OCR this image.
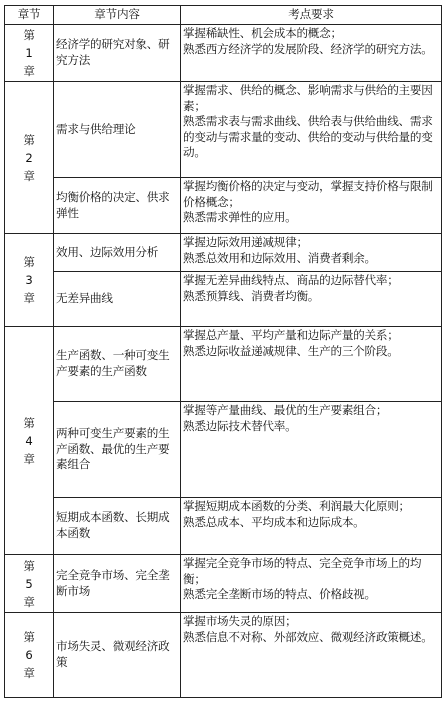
章节	章节内容	考点要求

第
1
章	经济学的研究对象、研究方法	掌握稀缺性、机会成本的概念；
熟悉西方经济学的发展阶段、经济学的研究方法。

第
2
章	需求与供给理论	掌握需求、供给的概念、影响需求与供给的主要因素；
熟悉需求表与需求曲线、供给表与供给曲线、需求的变动与需求量的变动、供给的变动与供给量的变动。

	均衡价格的决定、供求弹性	掌握均衡价格的决定与变动，掌握支持价格与限制价格概念；
熟悉需求弹性的应用。

第
3
章	效用、边际效用分析	掌握边际效用递减规律；
熟悉总效用和边际效用、消费者剩余。

	无差异曲线	掌握无差异曲线特点、商品的边际替代率；
熟悉预算线、消费者均衡。

第
4
章	生产函数、一种可变生产要素的生产函数	掌握总产量、平均产量和边际产量的关系；
熟悉边际收益递减规律、生产的三个阶段。

	两种可变生产要素的生产函数、最优的生产要素组合	掌握等产量曲线、最优的生产要素组合；
熟悉边际技术替代率。

	短期成本函数、长期成本函数	掌握短期成本函数的分类、利润最大化原则；
熟悉总成本、平均成本和边际成本。

第
5
章	完全竞争市场、完全垄断市场	掌握完全竞争市场的特点、完全竞争市场上的均衡；
熟悉完全垄断市场的特点、价格歧视。

第
6
章	市场失灵、微观经济政策	掌握市场失灵的原因；
熟悉信息不对称、外部效应、微观经济政策概述。
